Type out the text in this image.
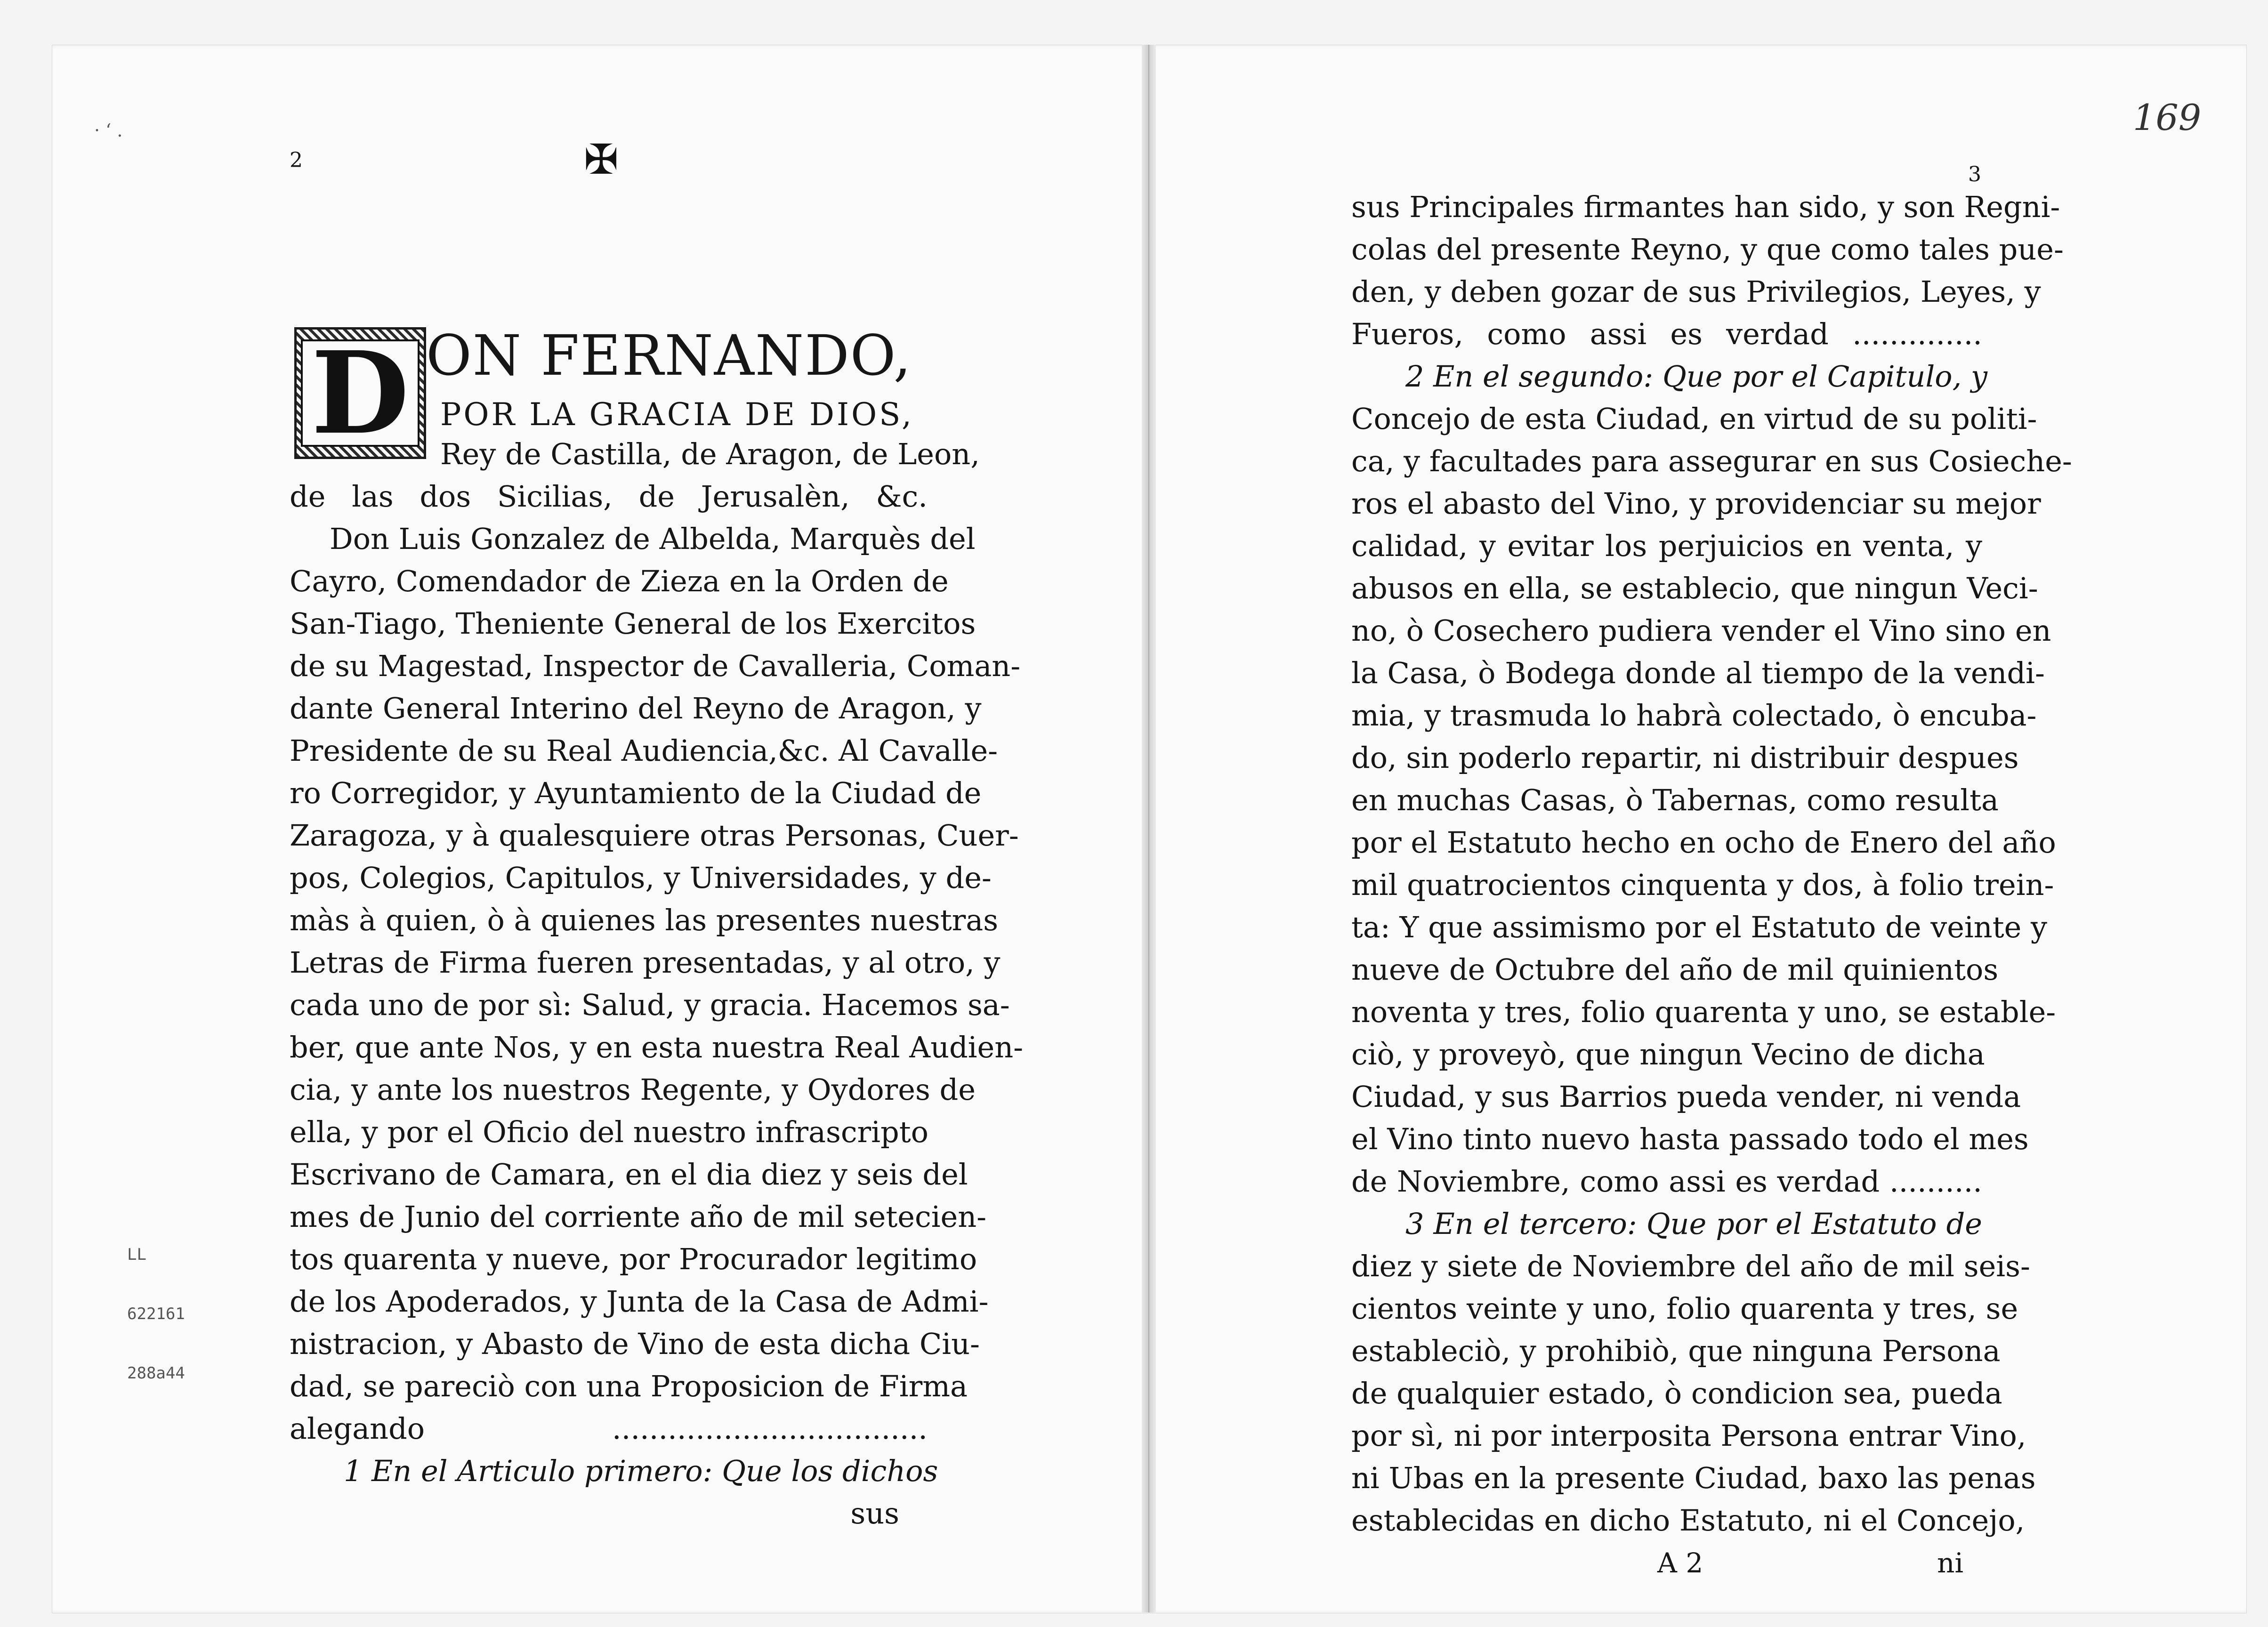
· ‘ .
2	✠
D ON FERNANDO,
POR LA GRACIA DE DIOS,
Rey de Castilla, de Aragon, de Leon,
de las dos Sicilias, de Jerusalèn, &c.
Don Luis Gonzalez de Albelda, Marquès del
Cayro, Comendador de Zieza en la Orden de
San-Tiago, Theniente General de los Exercitos
de su Magestad, Inspector de Cavalleria, Coman-
dante General Interino del Reyno de Aragon, y
Presidente de su Real Audiencia,&c. Al Cavalle-
ro Corregidor, y Ayuntamiento de la Ciudad de
Zaragoza, y à qualesquiere otras Personas, Cuer-
pos, Colegios, Capitulos, y Universidades, y de-
màs à quien, ò à quienes las presentes nuestras
Letras de Firma fueren presentadas, y al otro, y
cada uno de por sì: Salud, y gracia. Hacemos sa-
ber, que ante Nos, y en esta nuestra Real Audien-
cia, y ante los nuestros Regente, y Oydores de
ella, y por el Oficio del nuestro infrascripto
Escrivano de Camara, en el dia diez y seis del
mes de Junio del corriente año de mil setecien-
tos quarenta y nueve, por Procurador legitimo
de los Apoderados, y Junta de la Casa de Admi-
nistracion, y Abasto de Vino de esta dicha Ciu-
dad, se pareciò con una Proposicion de Firma
alegando ..................................
1 En el Articulo primero: Que los dichos
sus

LL

622161

288a44

169
3
sus Principales firmantes han sido, y son Regni-
colas del presente Reyno, y que como tales pue-
den, y deben gozar de sus Privilegios, Leyes, y
Fueros, como assi es verdad ..............
2 En el segundo: Que por el Capitulo, y
Concejo de esta Ciudad, en virtud de su politi-
ca, y facultades para assegurar en sus Cosieche-
ros el abasto del Vino, y providenciar su mejor
calidad, y evitar los perjuicios en venta, y
abusos en ella, se establecio, que ningun Veci-
no, ò Cosechero pudiera vender el Vino sino en
la Casa, ò Bodega donde al tiempo de la vendi-
mia, y trasmuda lo habrà colectado, ò encuba-
do, sin poderlo repartir, ni distribuir despues
en muchas Casas, ò Tabernas, como resulta
por el Estatuto hecho en ocho de Enero del año
mil quatrocientos cinquenta y dos, à folio trein-
ta: Y que assimismo por el Estatuto de veinte y
nueve de Octubre del año de mil quinientos
noventa y tres, folio quarenta y uno, se estable-
ciò, y proveyò, que ningun Vecino de dicha
Ciudad, y sus Barrios pueda vender, ni venda
el Vino tinto nuevo hasta passado todo el mes
de Noviembre, como assi es verdad ..........
3 En el tercero: Que por el Estatuto de
diez y siete de Noviembre del año de mil seis-
cientos veinte y uno, folio quarenta y tres, se
estableciò, y prohibiò, que ninguna Persona
de qualquier estado, ò condicion sea, pueda
por sì, ni por interposita Persona entrar Vino,
ni Ubas en la presente Ciudad, baxo las penas
establecidas en dicho Estatuto, ni el Concejo,
A 2	ni
